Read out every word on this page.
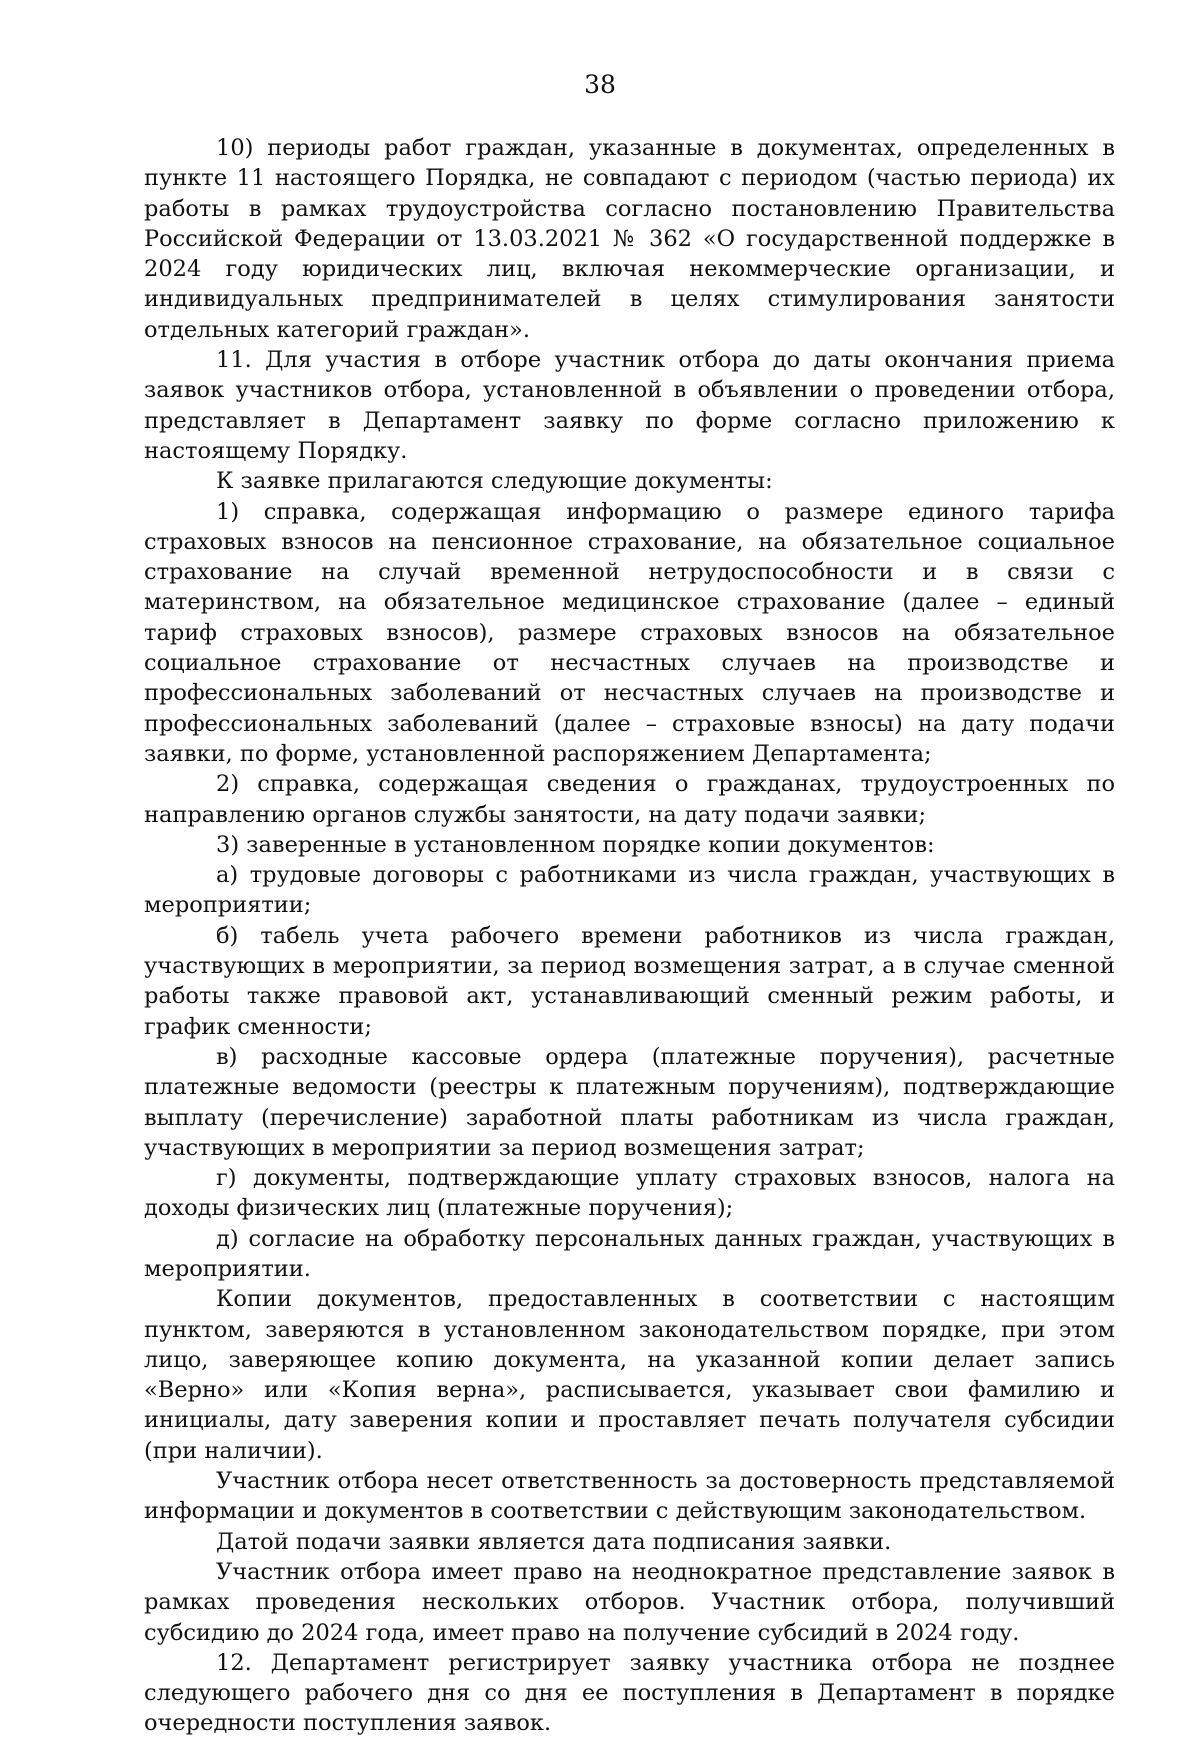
38

10) периоды работ граждан, указанные в документах, определенных в пункте 11 настоящего Порядка, не совпадают с периодом (частью периода) их работы в рамках трудоустройства согласно постановлению Правительства Российской Федерации от 13.03.2021 № 362 «О государственной поддержке в 2024 году юридических лиц, включая некоммерческие организации, и индивидуальных предпринимателей в целях стимулирования занятости отдельных категорий граждан».

11. Для участия в отборе участник отбора до даты окончания приема заявок участников отбора, установленной в объявлении о проведении отбора, представляет в Департамент заявку по форме согласно приложению к настоящему Порядку.

К заявке прилагаются следующие документы:

1) справка, содержащая информацию о размере единого тарифа страховых взносов на пенсионное страхование, на обязательное социальное страхование на случай временной нетрудоспособности и в связи с материнством, на обязательное медицинское страхование (далее – единый тариф страховых взносов), размере страховых взносов на обязательное социальное страхование от несчастных случаев на производстве и профессиональных заболеваний от несчастных случаев на производстве и профессиональных заболеваний (далее – страховые взносы) на дату подачи заявки, по форме, установленной распоряжением Департамента;

2) справка, содержащая сведения о гражданах, трудоустроенных по направлению органов службы занятости, на дату подачи заявки;

3) заверенные в установленном порядке копии документов:

а) трудовые договоры с работниками из числа граждан, участвующих в мероприятии;

б) табель учета рабочего времени работников из числа граждан, участвующих в мероприятии, за период возмещения затрат, а в случае сменной работы также правовой акт, устанавливающий сменный режим работы, и график сменности;

в) расходные кассовые ордера (платежные поручения), расчетные платежные ведомости (реестры к платежным поручениям), подтверждающие выплату (перечисление) заработной платы работникам из числа граждан, участвующих в мероприятии за период возмещения затрат;

г) документы, подтверждающие уплату страховых взносов, налога на доходы физических лиц (платежные поручения);

д) согласие на обработку персональных данных граждан, участвующих в мероприятии.

Копии документов, предоставленных в соответствии с настоящим пунктом, заверяются в установленном законодательством порядке, при этом лицо, заверяющее копию документа, на указанной копии делает запись «Верно» или «Копия верна», расписывается, указывает свои фамилию и инициалы, дату заверения копии и проставляет печать получателя субсидии (при наличии).

Участник отбора несет ответственность за достоверность представляемой информации и документов в соответствии с действующим законодательством.

Датой подачи заявки является дата подписания заявки.

Участник отбора имеет право на неоднократное представление заявок в рамках проведения нескольких отборов. Участник отбора, получивший субсидию до 2024 года, имеет право на получение субсидий в 2024 году.

12. Департамент регистрирует заявку участника отбора не позднее следующего рабочего дня со дня ее поступления в Департамент в порядке очередности поступления заявок.
